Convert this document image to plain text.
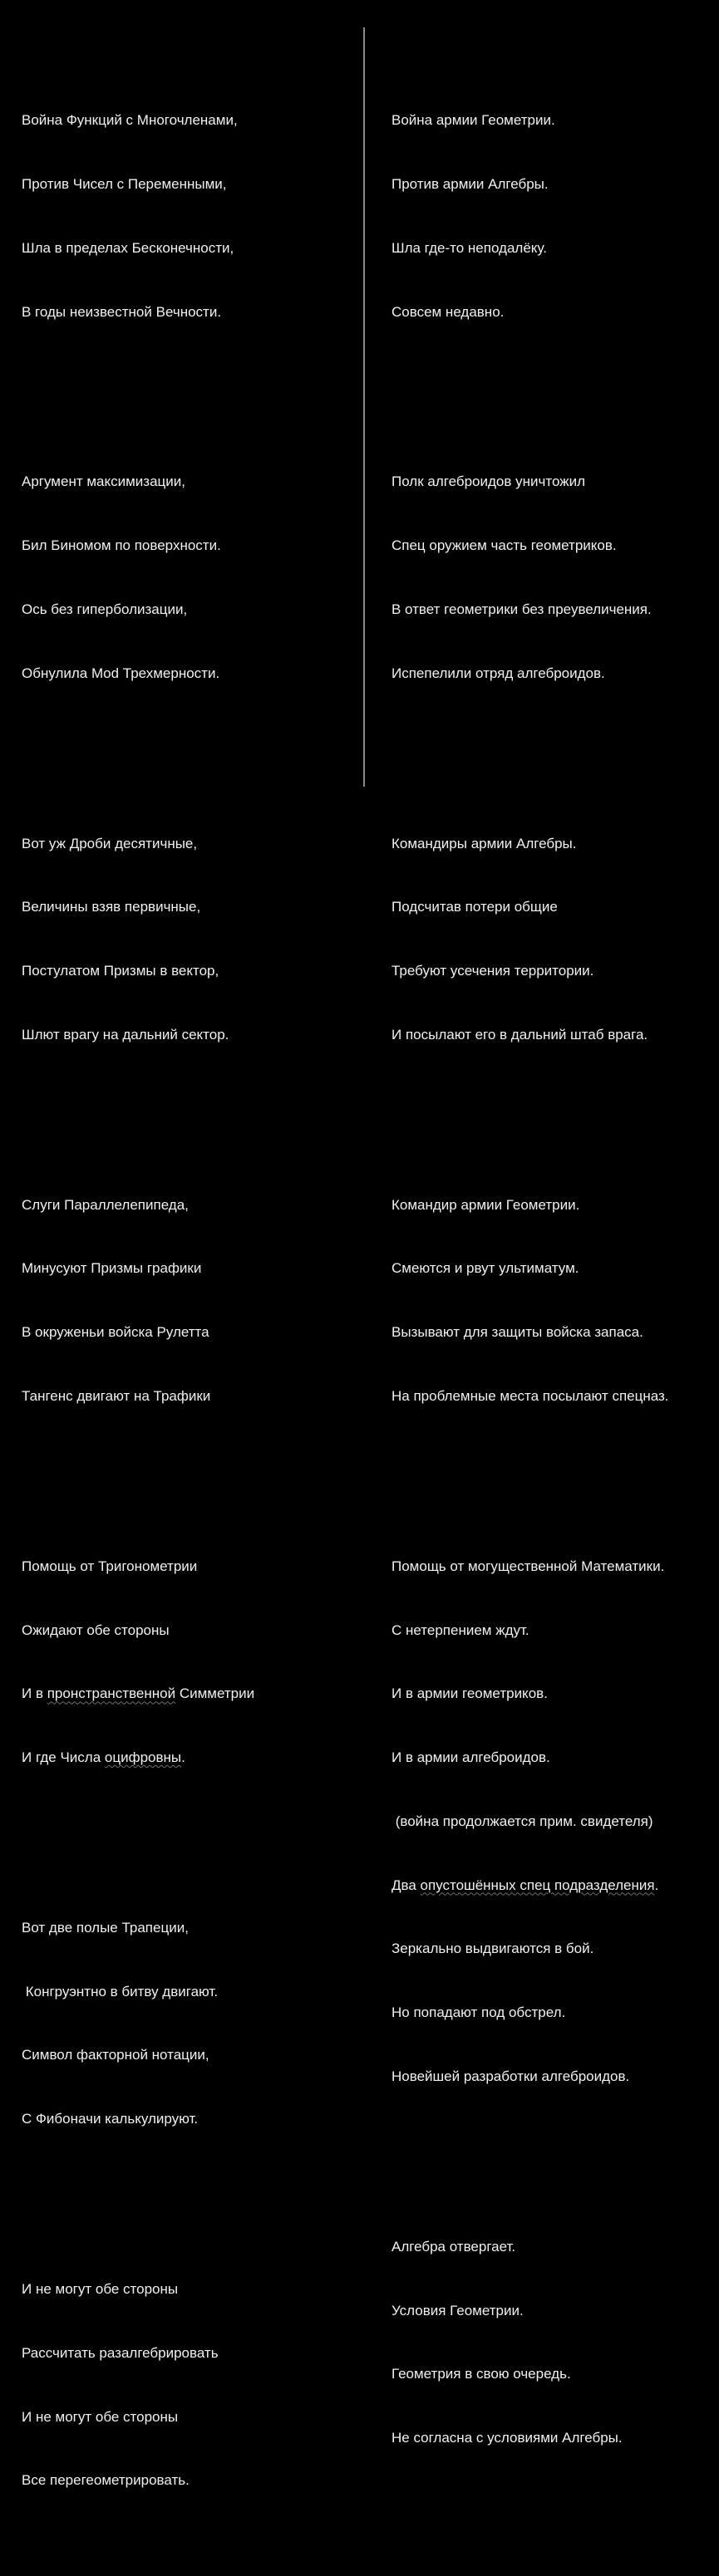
Война Функций с Многочленами,

Против Чисел с Переменными,

Шла в пределах Бесконечности,

В годы неизвестной Вечности.

Аргумент максимизации,

Бил Биномом по поверхности.

Ось без гиперболизации,

Обнулила Mod Трехмерности.

Вот уж Дроби десятичные,

Величины взяв первичные,

Постулатом Призмы в вектор,

Шлют врагу на дальний сектор.

Слуги Параллелепипеда,

Минусуют Призмы графики

В окруженьи войска Рулетта

Тангенс двигают на Трафики

Помощь от Тригонометрии

Ожидают обе стороны

И в пронстранственной Симметрии

И где Числа оцифровны.

Вот две полые Трапеции,

Конгруэнтно в битву двигают.

Символ факторной нотации,

С Фибоначи калькулируют.

И не могут обе стороны

Рассчитать разалгебрировать

И не могут обе стороны

Все перегеометрировать.

Война армии Геометрии.

Против армии Алгебры.

Шла где-то неподалёку.

Совсем недавно.

Полк алгеброидов уничтожил

Спец оружием часть геометриков.

В ответ геометрики без преувеличения.

Испепелили отряд алгеброидов.

Командиры армии Алгебры.

Подсчитав потери общие

Требуют усечения территории.

И посылают его в дальний штаб врага.

Командир армии Геометрии.

Смеются и рвут ультиматум.

Вызывают для защиты войска запаса.

На проблемные места посылают спецназ.

Помощь от могущественной Математики.

С нетерпением ждут.

И в армии геометриков.

И в армии алгеброидов.

(война продолжается прим. свидетеля)

Два опустошённых спец подразделения.

Зеркально выдвигаются в бой.

Но попадают под обстрел.

Новейшей разработки алгеброидов.

Алгебра отвергает.

Условия Геометрии.

Геометрия в свою очередь.

Не согласна с условиями Алгебры.
